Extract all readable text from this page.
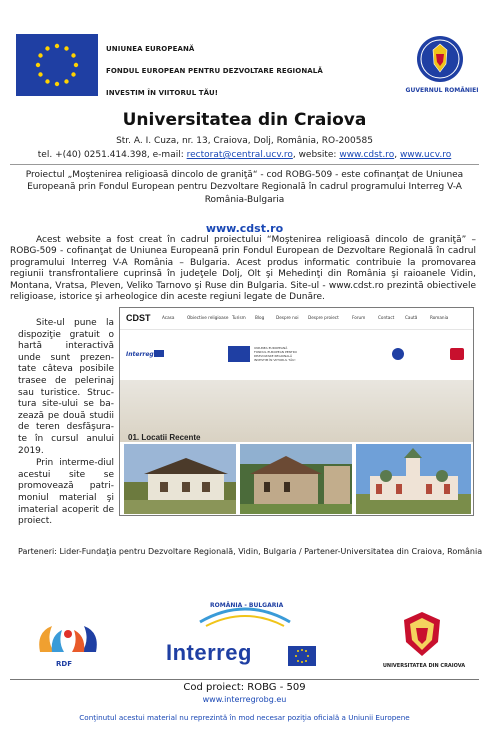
UNIUNEA EUROPEANĂ
FONDUL EUROPEAN PENTRU DEZVOLTARE REGIONALĂ
INVESTIM ÎN VIITORUL TĂU!	GUVERNUL ROMÂNIEI
Universitatea din Craiova
Str. A. I. Cuza, nr. 13, Craiova, Dolj, România, RO-200585
tel. +(40) 0251.414.398, e-mail: rectorat@central.ucv.ro, website: www.cdst.ro, www.ucv.ro
Proiectul „Moştenirea religioasă dincolo de graniţă“ - cod ROBG-509 - este cofinanţat de Uniunea Europeană prin Fondul European pentru Dezvoltare Regională în cadrul programului Interreg V-A România-Bulgaria
www.cdst.ro

Acest website a fost creat în cadrul proiectului “Moştenirea religioasă dincolo de graniţă” – ROBG-509 - cofinanţat de Uniunea Europeană prin Fondul European de Dezvoltare Regională în cadrul programului Interreg V-A România – Bulgaria. Acest produs informatic contribuie la promovarea regiunii transfrontaliere cuprinsă în judeţele Dolj, Olt şi Mehedinţi din România şi raioanele Vidin, Montana, Vratsa, Pleven, Veliko Tarnovo şi Ruse din Bulgaria. Site-ul - www.cdst.ro prezintă obiectivele religioase, istorice şi arheologice din aceste regiuni legate de Dunăre.

Site-ul pune la dispoziţie gratuit o hartă interactivă unde sunt prezen-tate câteva posibile trasee de pelerinaj sau turistice. Struc-tura site-ului se ba-zează pe două studii de teren desfăşura-te în cursul anului 2019.

Prin interme-diul acestui site se promovează patri-moniul material şi imaterial acoperit de proiect.

CDST	Acasa	Obiective religioase Turism Blog	Despre noi Despre proiect	Forum	Contact	Cautã	Romania
Interreg
UNIUNEA EUROPEANĂ
FONDUL EUROPEAN PENTRU
DEZVOLTARE REGIONALĂ
INVESTIM ÎN VIITORUL TĂU!
01. Locatii Recente
Parteneri: Lider-Fundaţia pentru Dezvoltare Regională, Vidin, Bulgaria / Partener-Universitatea din Craiova, România
RDF
ROMÂNIA - BULGARIA
Interreg
UNIVERSITATEA DIN CRAIOVA
Cod proiect: ROBG - 509
www.interregrobg.eu
Conţinutul acestui material nu reprezintă în mod necesar poziţia oficială a Uniunii Europene
